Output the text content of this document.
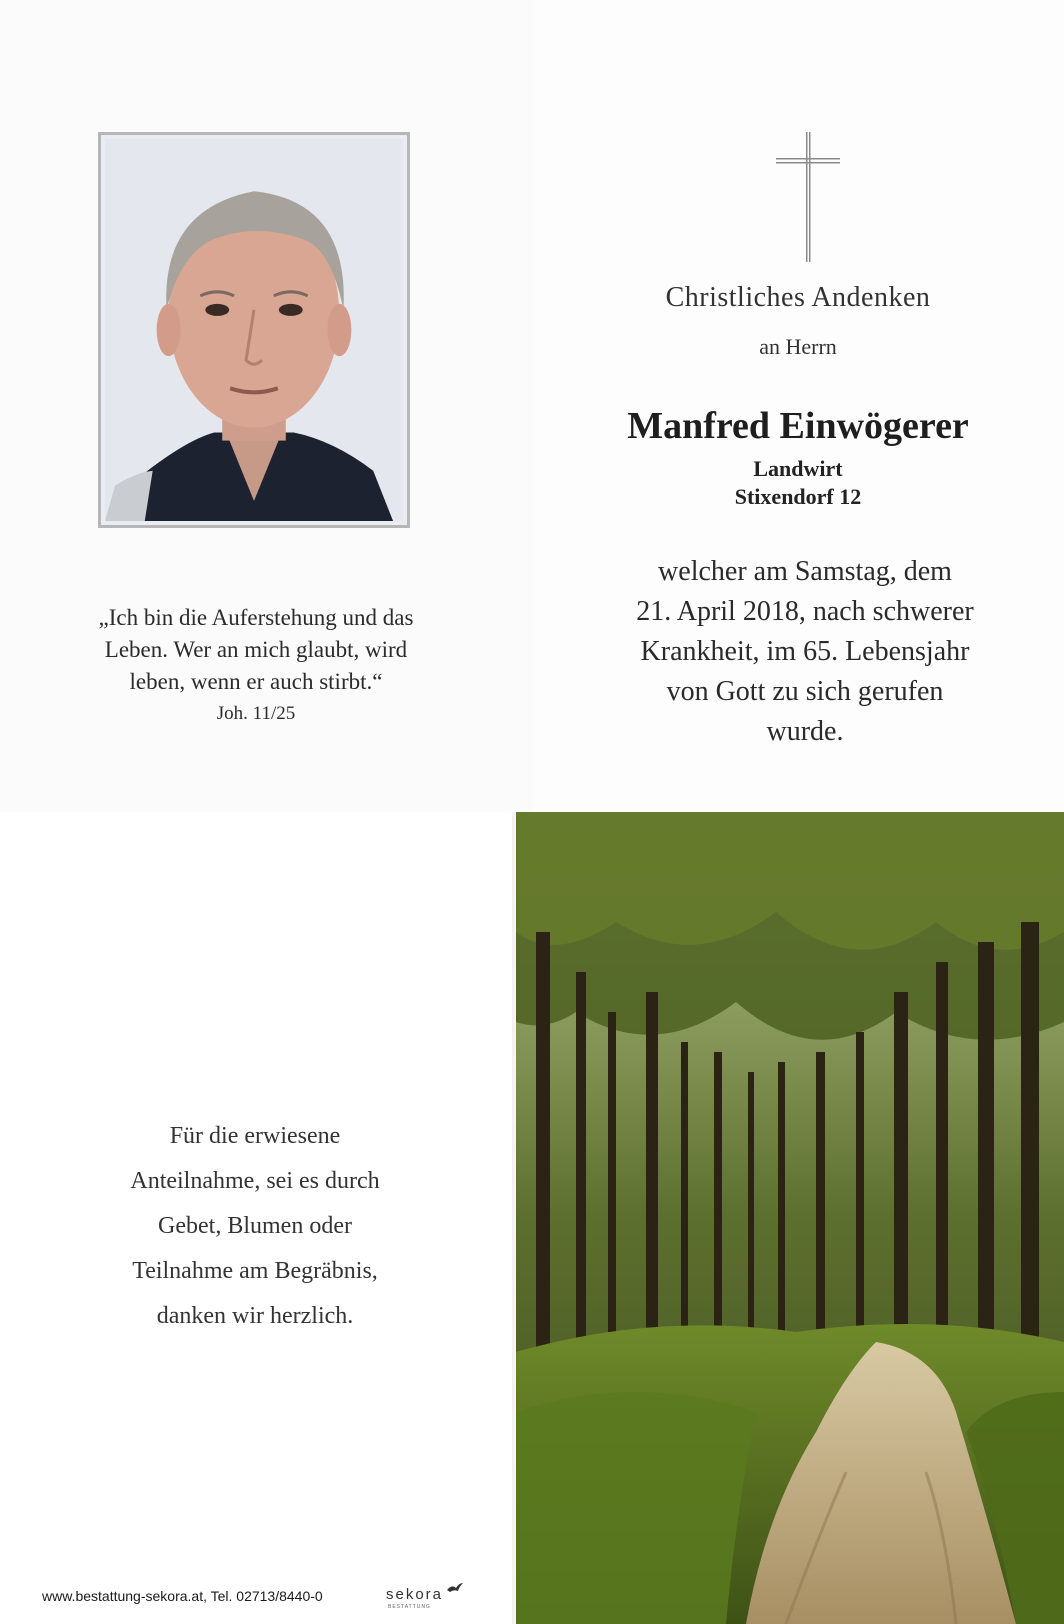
„Ich bin die Auferstehung und das
Leben. Wer an mich glaubt, wird
leben, wenn er auch stirbt.“
Joh. 11/25
Christliches Andenken
an Herrn
Manfred Einwögerer
Landwirt
Stixendorf 12
welcher am Samstag, dem
21. April 2018, nach schwerer
Krankheit, im 65. Lebensjahr
von Gott zu sich gerufen
wurde.
Für die erwiesene
Anteilnahme, sei es durch
Gebet, Blumen oder
Teilnahme am Begräbnis,
danken wir herzlich.
www.bestattung-sekora.at, Tel. 02713/8440-0	sekora
BESTATTUNG
